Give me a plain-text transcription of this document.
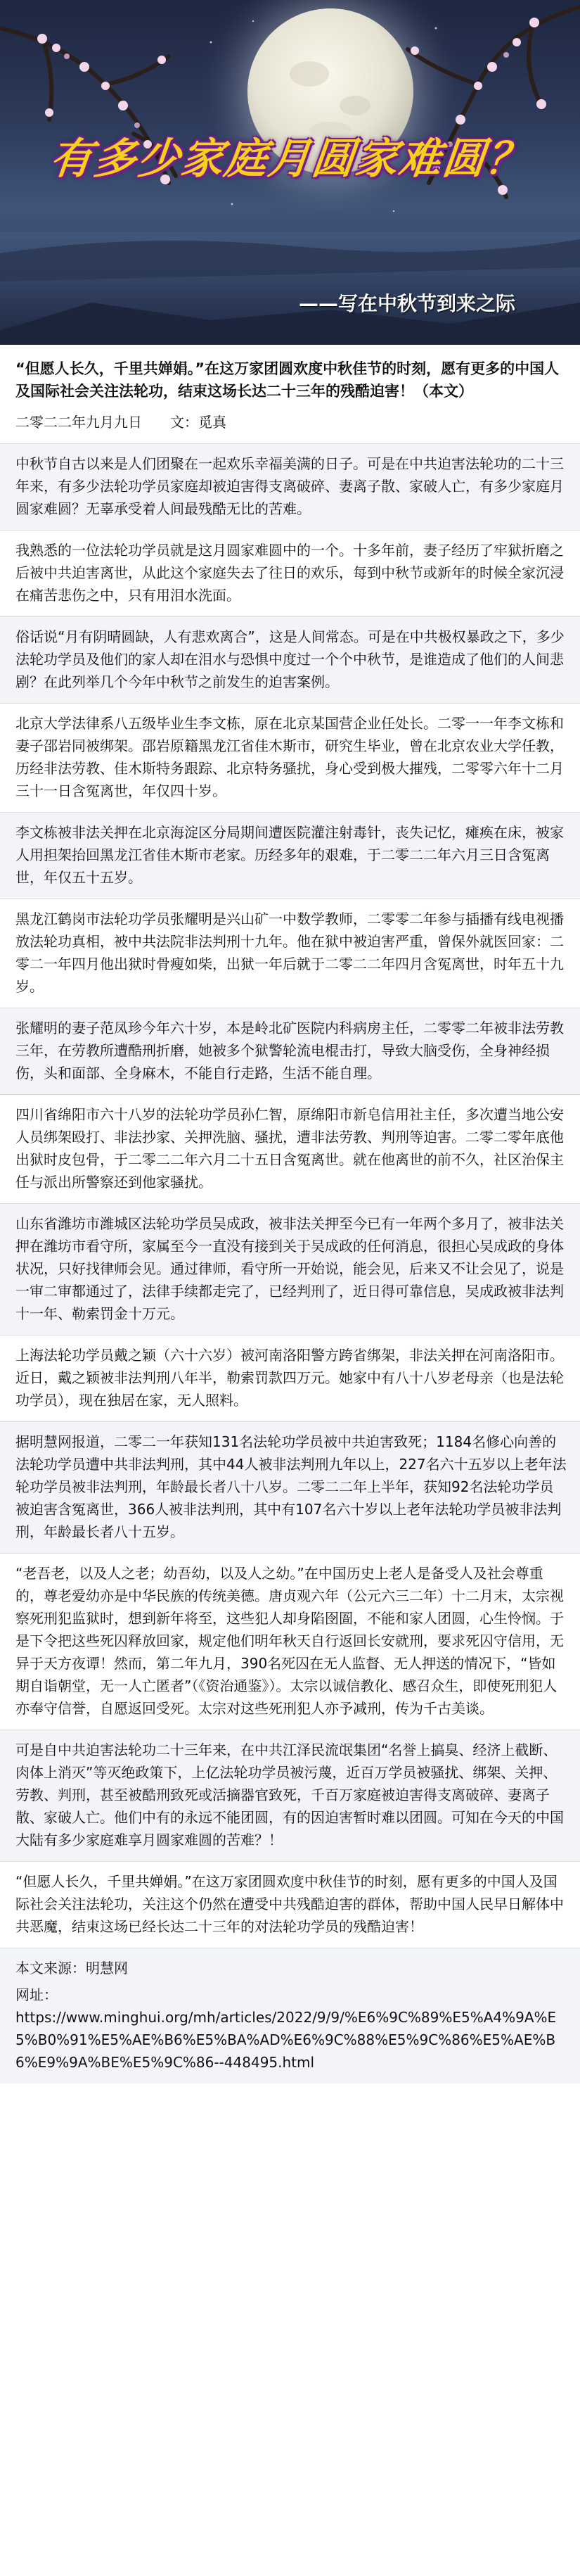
有多少家庭月圆家难圆？
——写在中秋节到来之际
“但愿人长久，千里共婵娟。”在这万家团圆欢度中秋佳节的时刻，愿有更多的中国人及国际社会关注法轮功，结束这场长达二十三年的残酷迫害！（本文）
二零二二年九月九日　　文：觅真
中秋节自古以来是人们团聚在一起欢乐幸福美满的日子。可是在中共迫害法轮功的二十三年来，有多少法轮功学员家庭却被迫害得支离破碎、妻离子散、家破人亡，有多少家庭月圆家难圆？无辜承受着人间最残酷无比的苦难。
我熟悉的一位法轮功学员就是这月圆家难圆中的一个。十多年前，妻子经历了牢狱折磨之后被中共迫害离世，从此这个家庭失去了往日的欢乐，每到中秋节或新年的时候全家沉浸在痛苦悲伤之中，只有用泪水洗面。
俗话说“月有阴晴圆缺，人有悲欢离合”，这是人间常态。可是在中共极权暴政之下，多少法轮功学员及他们的家人却在泪水与恐惧中度过一个个中秋节，是谁造成了他们的人间悲剧？在此列举几个今年中秋节之前发生的迫害案例。
北京大学法律系八五级毕业生李文栋，原在北京某国营企业任处长。二零一一年李文栋和妻子邵岩同被绑架。邵岩原籍黑龙江省佳木斯市，研究生毕业，曾在北京农业大学任教，历经非法劳教、佳木斯特务跟踪、北京特务骚扰，身心受到极大摧残，二零零六年十二月三十一日含冤离世，年仅四十岁。
李文栋被非法关押在北京海淀区分局期间遭医院灌注射毒针，丧失记忆，瘫痪在床，被家人用担架抬回黑龙江省佳木斯市老家。历经多年的艰难，于二零二二年六月三日含冤离世，年仅五十五岁。
黑龙江鹤岗市法轮功学员张耀明是兴山矿一中数学教师，二零零二年参与插播有线电视播放法轮功真相，被中共法院非法判刑十九年。他在狱中被迫害严重，曾保外就医回家：二零二一年四月他出狱时骨瘦如柴，出狱一年后就于二零二二年四月含冤离世，时年五十九岁。
张耀明的妻子范凤珍今年六十岁，本是岭北矿医院内科病房主任，二零零二年被非法劳教三年，在劳教所遭酷刑折磨，她被多个狱警轮流电棍击打，导致大脑受伤，全身神经损伤，头和面部、全身麻木，不能自行走路，生活不能自理。
四川省绵阳市六十八岁的法轮功学员孙仁智，原绵阳市新皂信用社主任，多次遭当地公安人员绑架殴打、非法抄家、关押洗脑、骚扰，遭非法劳教、判刑等迫害。二零二零年底他出狱时皮包骨，于二零二二年六月二十五日含冤离世。就在他离世的前不久，社区治保主任与派出所警察还到他家骚扰。
山东省潍坊市潍城区法轮功学员吴成政，被非法关押至今已有一年两个多月了，被非法关押在潍坊市看守所，家属至今一直没有接到关于吴成政的任何消息，很担心吴成政的身体状况，只好找律师会见。通过律师，看守所一开始说，能会见，后来又不让会见了，说是一审二审都通过了，法律手续都走完了，已经判刑了，近日得可靠信息，吴成政被非法判十一年、勒索罚金十万元。
上海法轮功学员戴之颖（六十六岁）被河南洛阳警方跨省绑架，非法关押在河南洛阳市。近日，戴之颖被非法判刑八年半，勒索罚款四万元。她家中有八十八岁老母亲（也是法轮功学员），现在独居在家，无人照料。
据明慧网报道，二零二一年获知131名法轮功学员被中共迫害致死；1184名修心向善的法轮功学员遭中共非法判刑，其中44人被非法判刑九年以上，227名六十五岁以上老年法轮功学员被非法判刑，年龄最长者八十八岁。二零二二年上半年，获知92名法轮功学员被迫害含冤离世，366人被非法判刑，其中有107名六十岁以上老年法轮功学员被非法判刑，年龄最长者八十五岁。
“老吾老，以及人之老；幼吾幼，以及人之幼。”在中国历史上老人是备受人及社会尊重的，尊老爱幼亦是中华民族的传统美德。唐贞观六年（公元六三二年）十二月末，太宗视察死刑犯监狱时，想到新年将至，这些犯人却身陷囹圄，不能和家人团圆，心生怜悯。于是下令把这些死囚释放回家，规定他们明年秋天自行返回长安就刑，要求死囚守信用，无异于天方夜谭！然而，第二年九月，390名死囚在无人监督、无人押送的情况下，“皆如期自诣朝堂，无一人亡匿者”（《资治通鉴》）。太宗以诚信教化、感召众生，即使死刑犯人亦奉守信誉，自愿返回受死。太宗对这些死刑犯人亦予减刑，传为千古美谈。
可是自中共迫害法轮功二十三年来，在中共江泽民流氓集团“名誉上搞臭、经济上截断、肉体上消灭”等灭绝政策下，上亿法轮功学员被污蔑，近百万学员被骚扰、绑架、关押、劳教、判刑，甚至被酷刑致死或活摘器官致死，千百万家庭被迫害得支离破碎、妻离子散、家破人亡。他们中有的永远不能团圆，有的因迫害暂时难以团圆。可知在今天的中国大陆有多少家庭难享月圆家难圆的苦难？！
“但愿人长久，千里共婵娟。”在这万家团圆欢度中秋佳节的时刻，愿有更多的中国人及国际社会关注法轮功，关注这个仍然在遭受中共残酷迫害的群体，帮助中国人民早日解体中共恶魔，结束这场已经长达二十三年的对法轮功学员的残酷迫害！
本文来源：明慧网
网址：
https://www.minghui.org/mh/articles/2022/9/9/%E6%9C%89%E5%A4%9A%E5%B0%91%E5%AE%B6%E5%BA%AD%E6%9C%88%E5%9C%86%E5%AE%B6%E9%9A%BE%E5%9C%86--448495.html
